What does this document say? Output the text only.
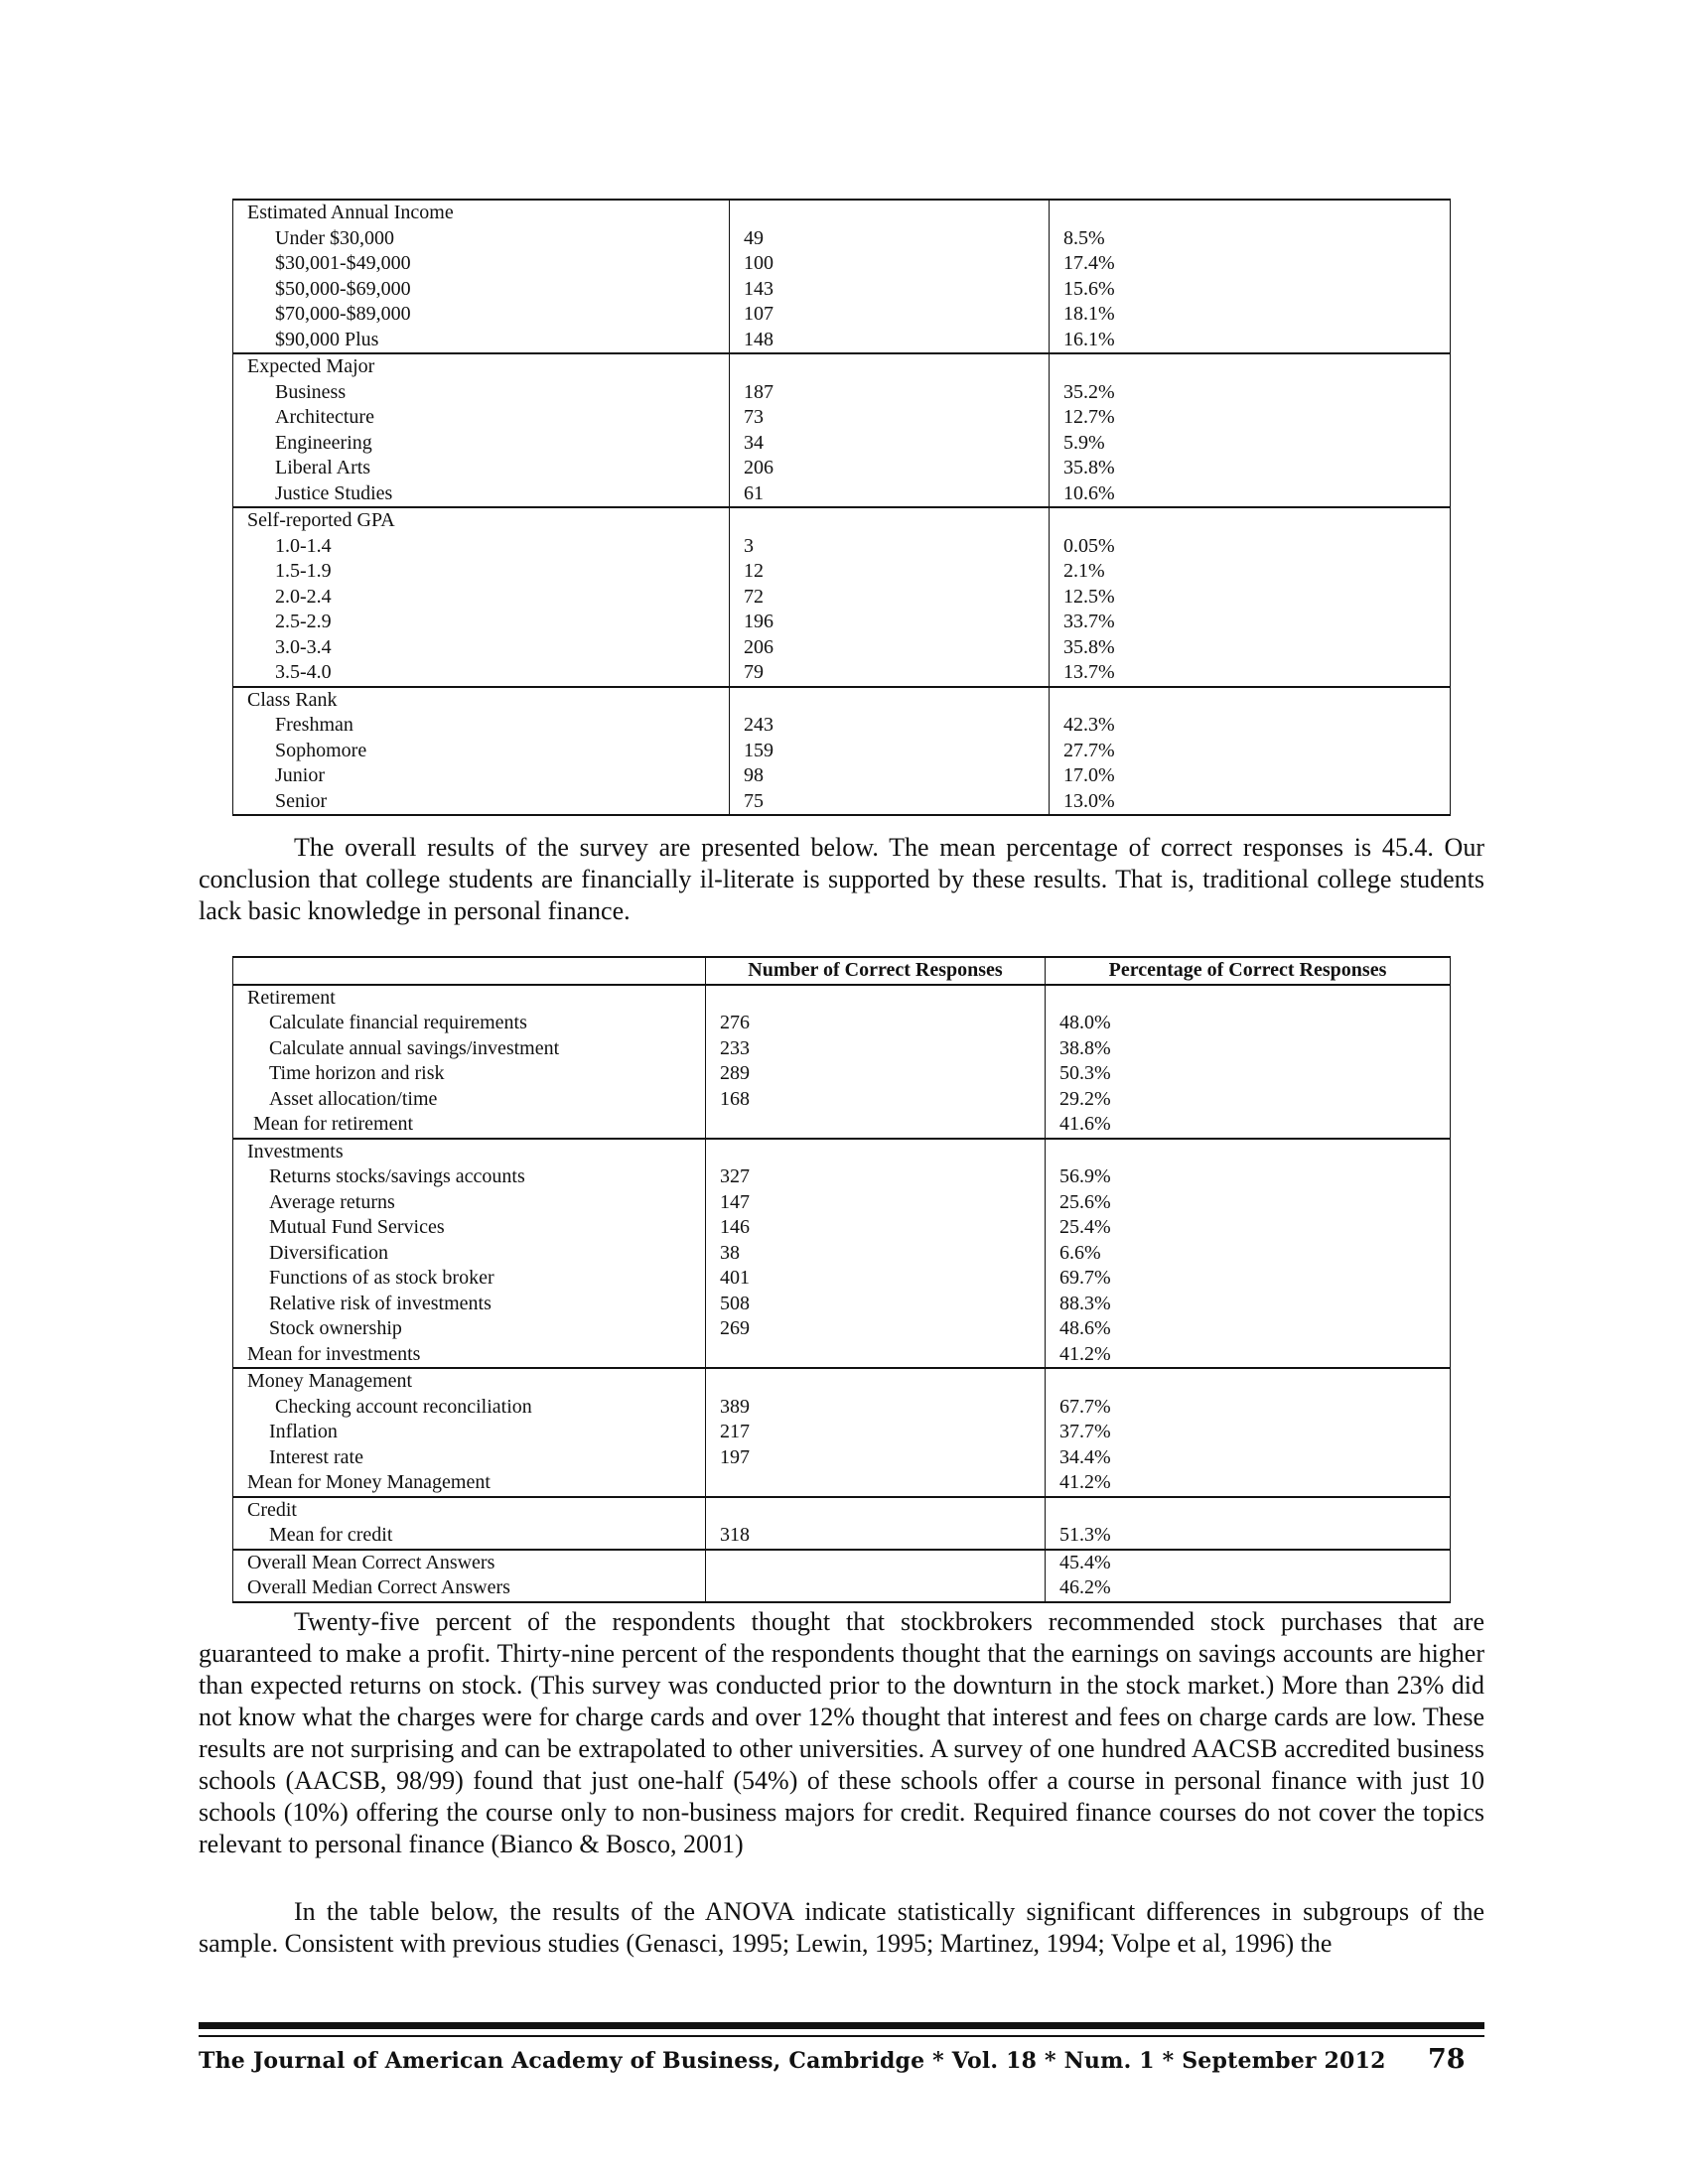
Estimated Annual Income		
Under $30,000	49	8.5%
$30,001-$49,000	100	17.4%
$50,000-$69,000	143	15.6%
$70,000-$89,000	107	18.1%
$90,000 Plus	148	16.1%
Expected Major		
Business	187	35.2%
Architecture	73	12.7%
Engineering	34	5.9%
Liberal Arts	206	35.8%
Justice Studies	61	10.6%
Self-reported GPA		
1.0-1.4	3	0.05%
1.5-1.9	12	2.1%
2.0-2.4	72	12.5%
2.5-2.9	196	33.7%
3.0-3.4	206	35.8%
3.5-4.0	79	13.7%
Class Rank		
Freshman	243	42.3%
Sophomore	159	27.7%
Junior	98	17.0%
Senior	75	13.0%

The overall results of the survey are presented below. The mean percentage of correct responses is 45.4. Our conclusion that college students are financially il-literate is supported by these results. That is, traditional college students lack basic knowledge in personal finance.

	Number of Correct Responses	Percentage of Correct Responses
Retirement		
Calculate financial requirements	276	48.0%
Calculate annual savings/investment	233	38.8%
Time horizon and risk	289	50.3%
Asset allocation/time	168	29.2%
Mean for retirement		41.6%
Investments		
Returns stocks/savings accounts	327	56.9%
Average returns	147	25.6%
Mutual Fund Services	146	25.4%
Diversification	38	6.6%
Functions of as stock broker	401	69.7%
Relative risk of investments	508	88.3%
Stock ownership	269	48.6%
Mean for investments		41.2%
Money Management		
Checking account reconciliation	389	67.7%
Inflation	217	37.7%
Interest rate	197	34.4%
Mean for Money Management		41.2%
Credit		
Mean for credit	318	51.3%
Overall Mean Correct Answers		45.4%
Overall Median Correct Answers		46.2%

Twenty-five percent of the respondents thought that stockbrokers recommended stock purchases that are guaranteed to make a profit. Thirty-nine percent of the respondents thought that the earnings on savings accounts are higher than expected returns on stock. (This survey was conducted prior to the downturn in the stock market.) More than 23% did not know what the charges were for charge cards and over 12% thought that interest and fees on charge cards are low. These results are not surprising and can be extrapolated to other universities. A survey of one hundred AACSB accredited business schools (AACSB, 98/99) found that just one-half (54%) of these schools offer a course in personal finance with just 10 schools (10%) offering the course only to non-business majors for credit. Required finance courses do not cover the topics relevant to personal finance (Bianco & Bosco, 2001)

In the table below, the results of the ANOVA indicate statistically significant differences in subgroups of the sample. Consistent with previous studies (Genasci, 1995; Lewin, 1995; Martinez, 1994; Volpe et al, 1996) the

The Journal of American Academy of Business, Cambridge * Vol. 18 * Num. 1 * September 2012 78
